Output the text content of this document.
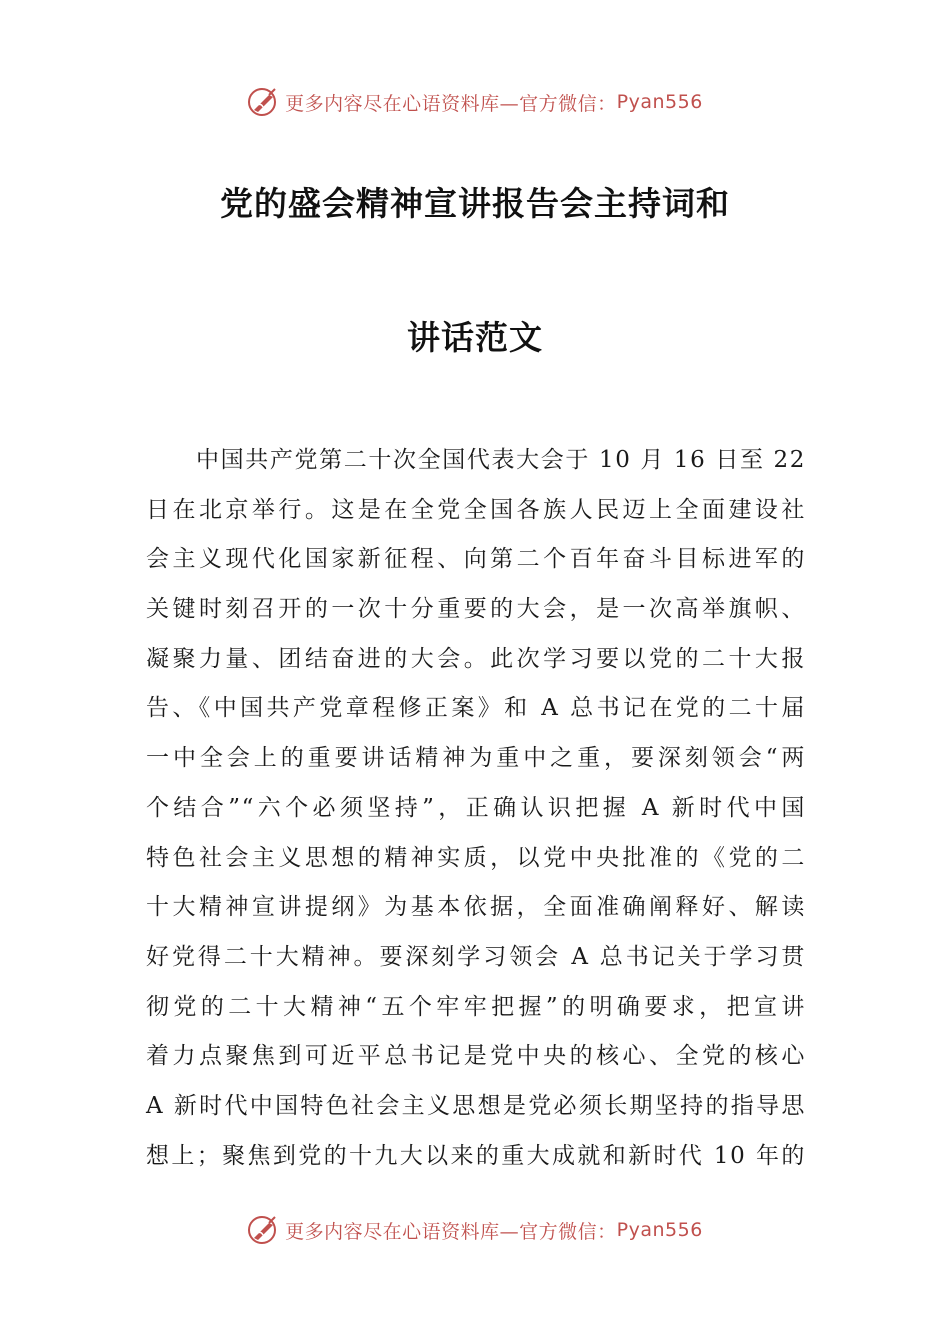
更多内容尽在心语资料库—官方微信： Pyan556
党的盛会精神宣讲报告会主持词和
讲话范文
中国共产党第二十次全国代表大会于 10 月 16 日至 22
日在北京举行。这是在全党全国各族人民迈上全面建设社
会主义现代化国家新征程、向第二个百年奋斗目标进军的
关键时刻召开的一次十分重要的大会，是一次高举旗帜、
凝聚力量、团结奋进的大会。此次学习要以党的二十大报
告、《中国共产党章程修正案》和 A 总书记在党的二十届
一中全会上的重要讲话精神为重中之重，要深刻领会“两
个结合”“六个必须坚持”，正确认识把握 A 新时代中国
特色社会主义思想的精神实质，以党中央批准的《党的二
十大精神宣讲提纲》为基本依据，全面准确阐释好、解读
好党得二十大精神。要深刻学习领会 A 总书记关于学习贯
彻党的二十大精神“五个牢牢把握”的明确要求，把宣讲
着力点聚焦到可近平总书记是党中央的核心、全党的核心
A 新时代中国特色社会主义思想是党必须长期坚持的指导思
想上；聚焦到党的十九大以来的重大成就和新时代 10 年的
更多内容尽在心语资料库—官方微信： Pyan556
